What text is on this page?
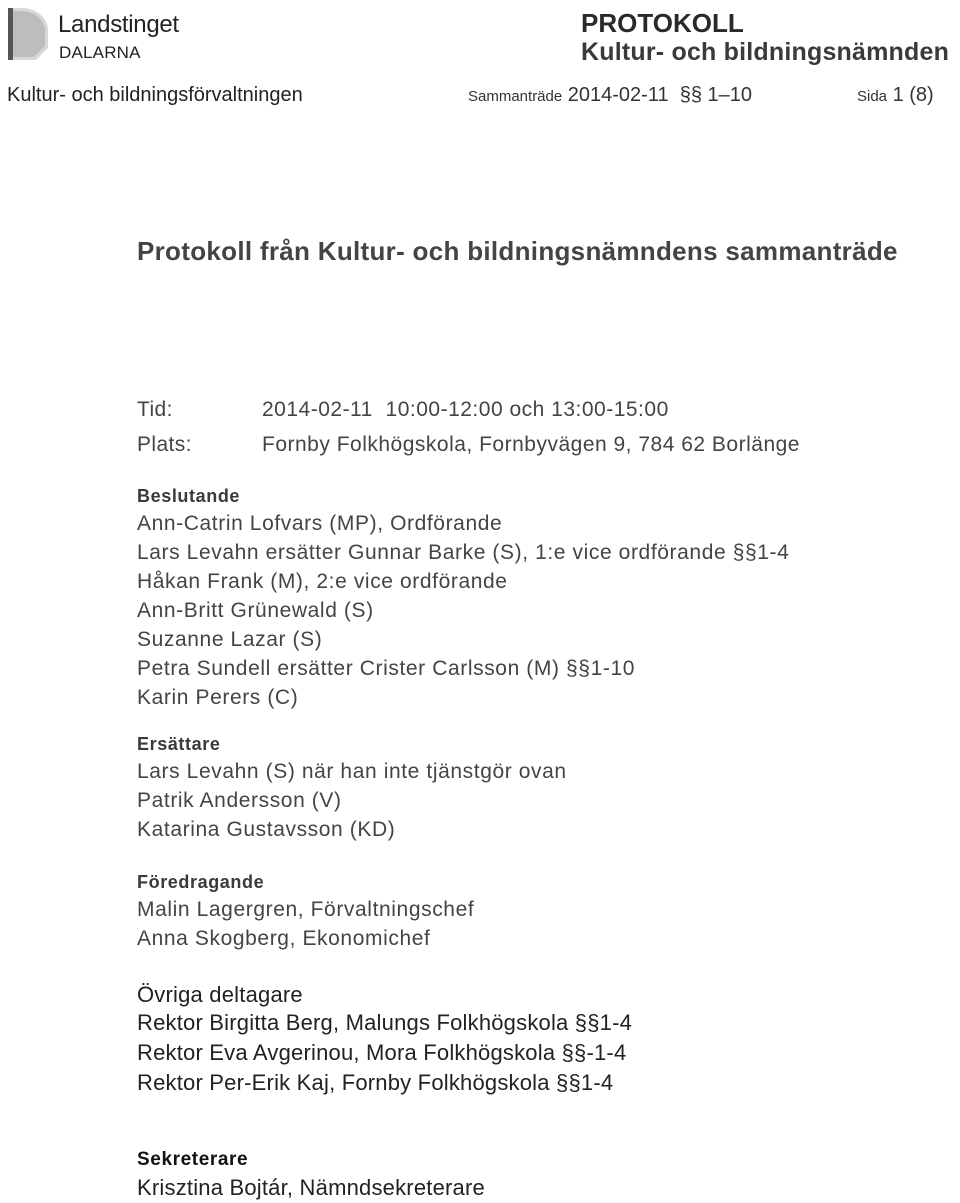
Landstinget
DALARNA
Kultur- och bildningsförvaltningen
PROTOKOLL
Kultur- och bildningsnämnden
Sammanträde 2014-02-11 §§ 1–10	Sida 1 (8)
Protokoll från Kultur- och bildningsnämndens sammanträde
Tid:	2014-02-11  10:00-12:00 och 13:00-15:00
Plats:	Fornby Folkhögskola, Fornbyvägen 9, 784 62 Borlänge
Beslutande
Ann-Catrin Lofvars (MP), Ordförande
Lars Levahn ersätter Gunnar Barke (S), 1:e vice ordförande §§1-4
Håkan Frank (M), 2:e vice ordförande
Ann-Britt Grünewald (S)
Suzanne Lazar (S)
Petra Sundell ersätter Crister Carlsson (M) §§1-10
Karin Perers (C)
Ersättare
Lars Levahn (S) när han inte tjänstgör ovan
Patrik Andersson (V)
Katarina Gustavsson (KD)
Föredragande
Malin Lagergren, Förvaltningschef
Anna Skogberg, Ekonomichef
Övriga deltagare
Rektor Birgitta Berg, Malungs Folkhögskola §§1-4
Rektor Eva Avgerinou, Mora Folkhögskola §§-1-4
Rektor Per-Erik Kaj, Fornby Folkhögskola §§1-4
Sekreterare
Krisztina Bojtár, Nämndsekreterare
